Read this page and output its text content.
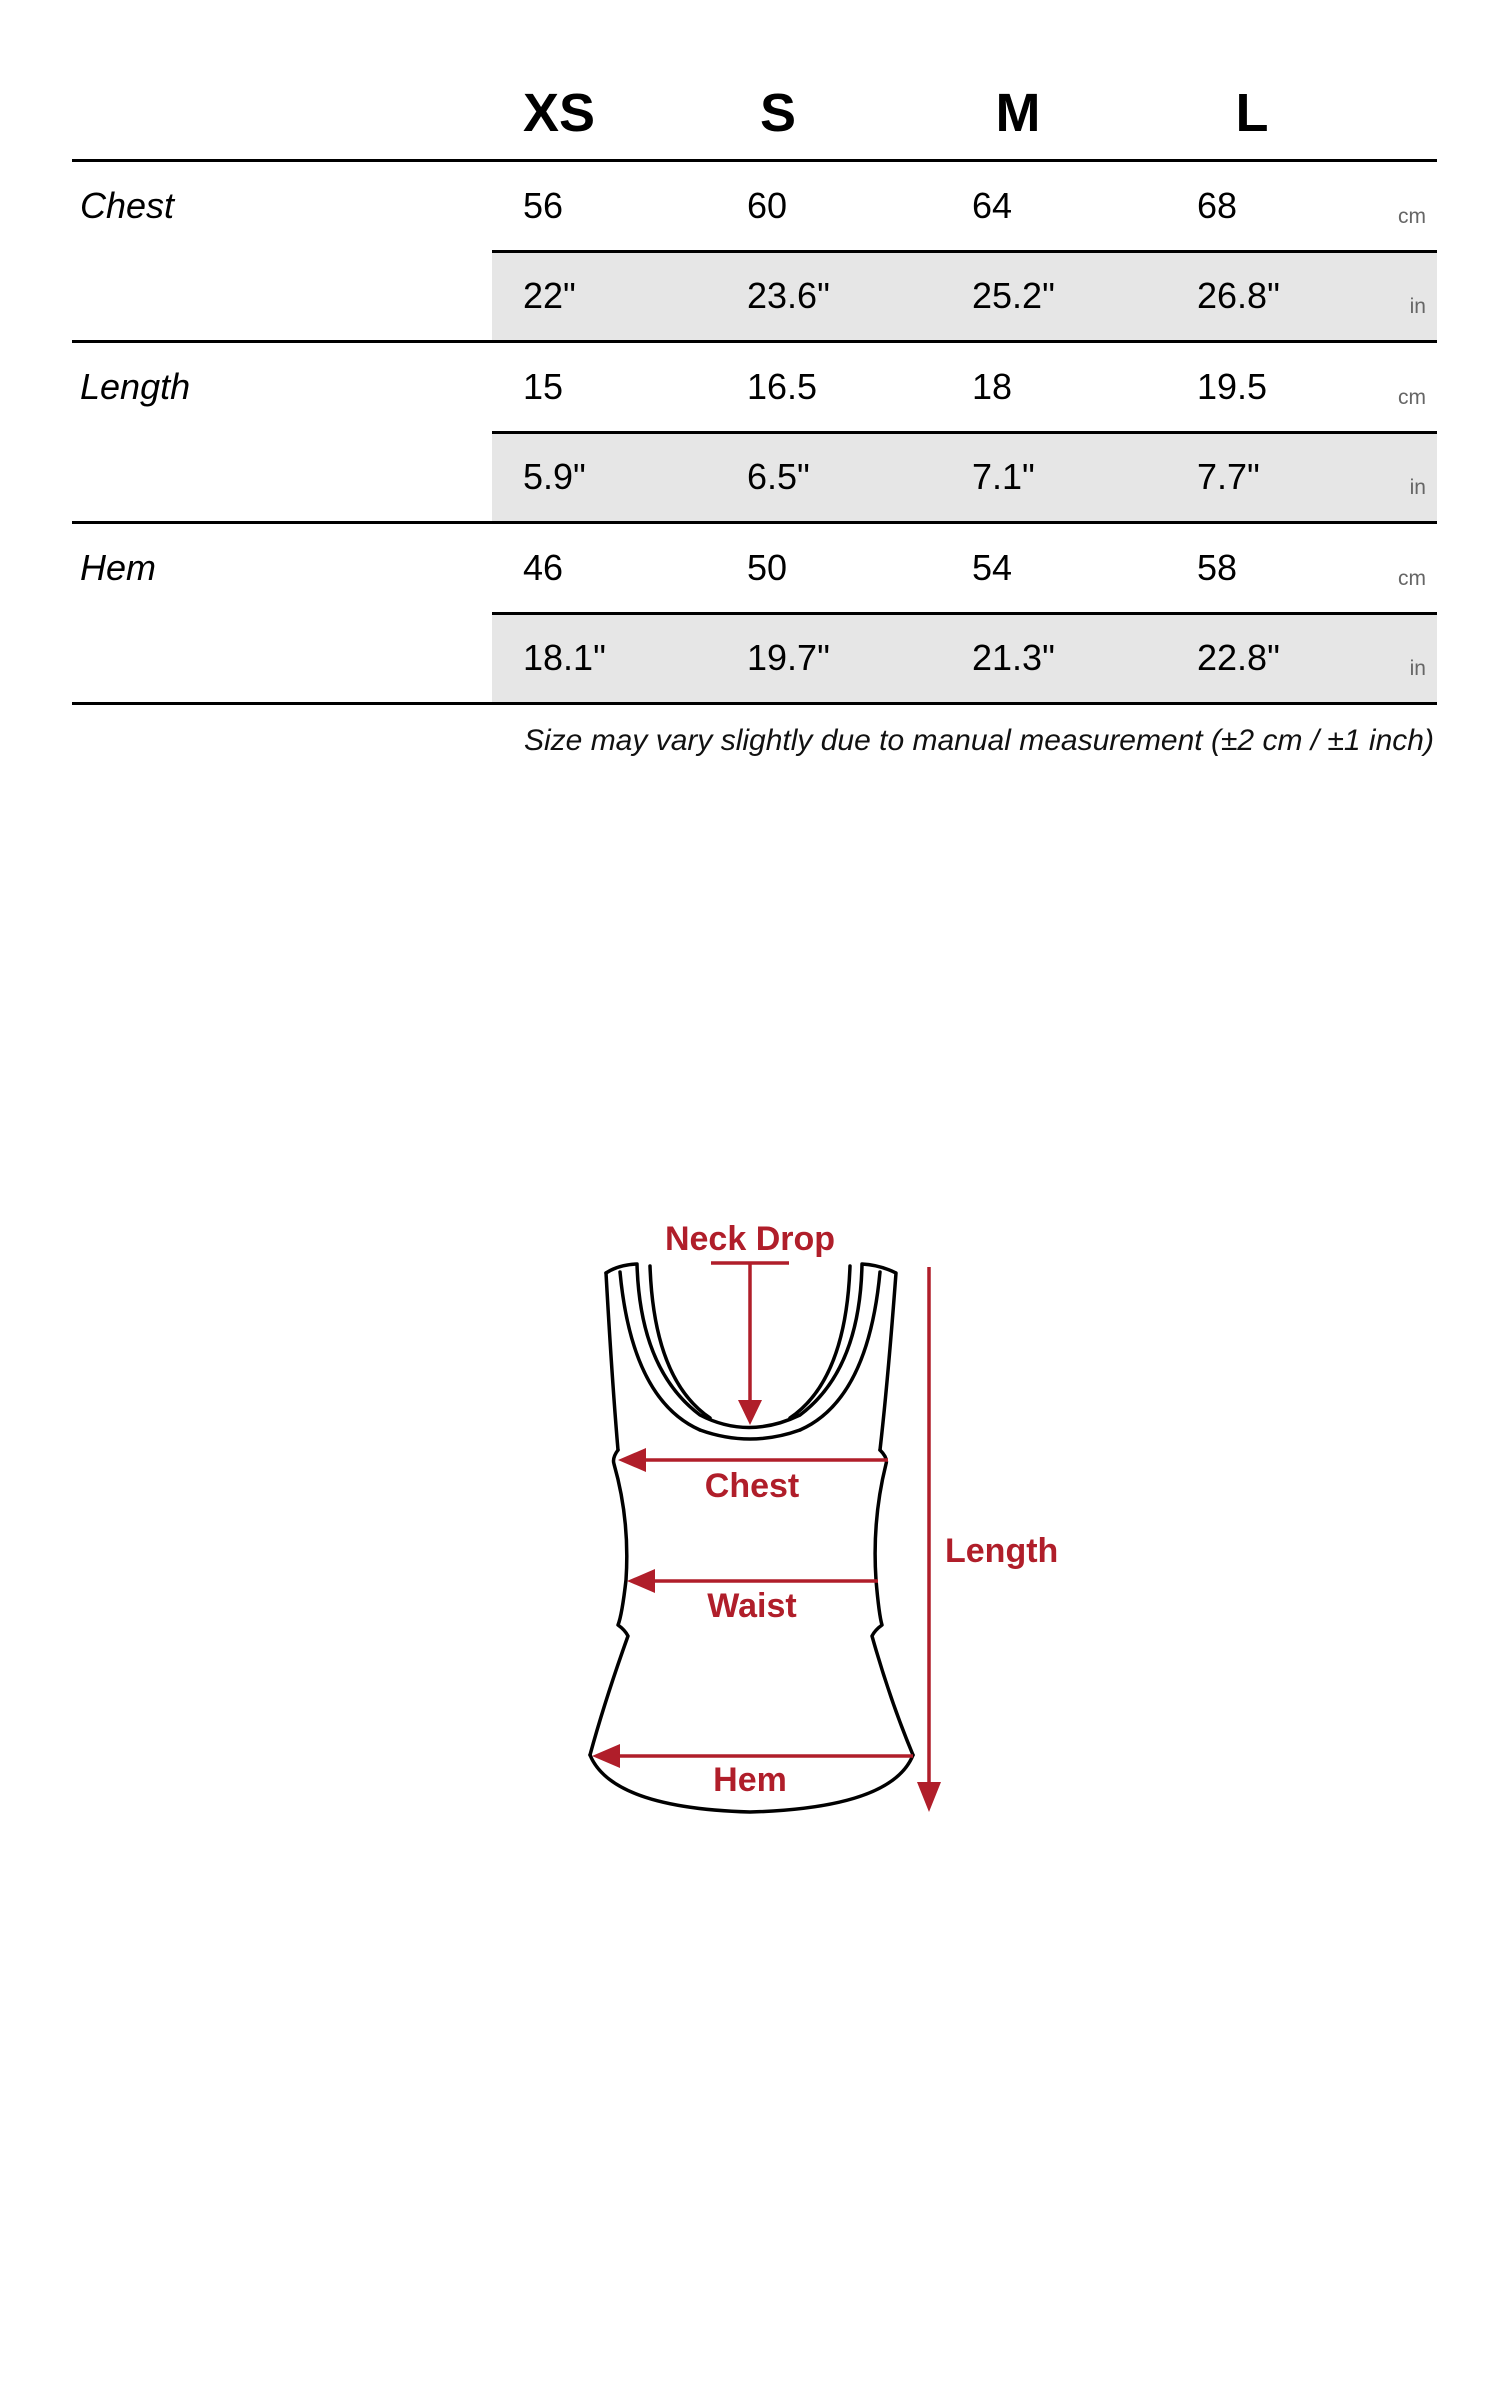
XS	S	M	L
Chest	56	60	64	68	cm
22"	23.6"	25.2"	26.8"	in
Length	15	16.5	18	19.5	cm
5.9"	6.5"	7.1"	7.7"	in
Hem	46	50	54	58	cm
18.1"	19.7"	21.3"	22.8"	in
Size may vary slightly due to manual measurement (±2 cm / ±1 inch)
Neck Drop
Chest
Waist
Hem
Length
